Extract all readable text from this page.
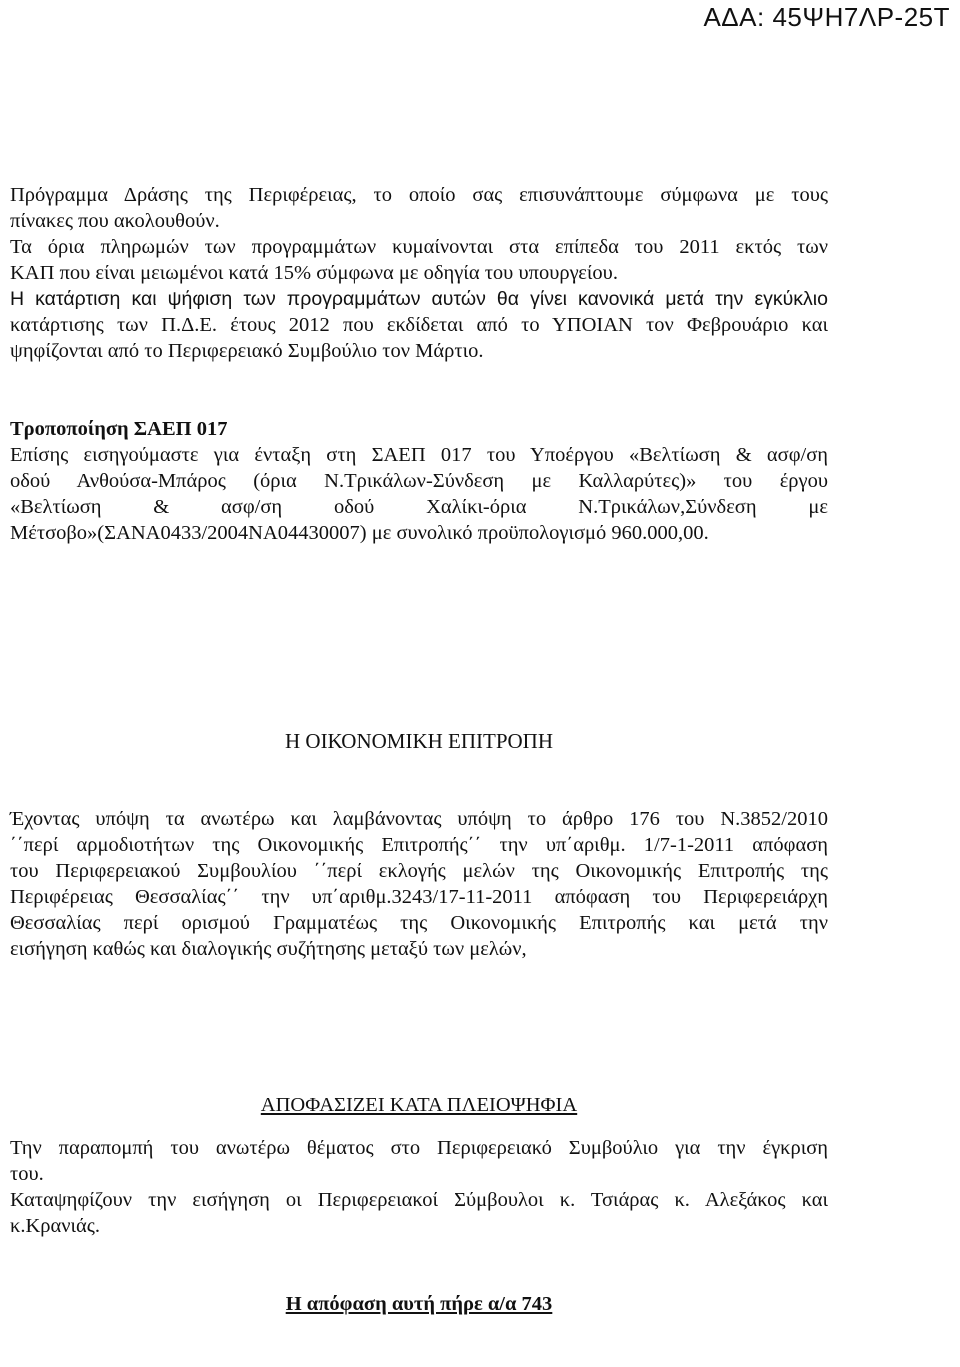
ΑΔΑ: 45ΨΗ7ΛΡ-25Τ
Πρόγραμμα Δράσης της Περιφέρειας, το οποίο σας επισυνάπτουμε σύμφωνα με τους
πίνακες που ακολουθούν.
Τα όρια πληρωμών των προγραμμάτων κυμαίνονται στα επίπεδα του 2011 εκτός των
ΚΑΠ που είναι μειωμένοι κατά 15% σύμφωνα με οδηγία του υπουργείου.
Η κατάρτιση και ψήφιση των προγραμμάτων αυτών θα γίνει κανονικά μετά την εγκύκλιο
κατάρτισης των Π.Δ.Ε. έτους 2012 που εκδίδεται από το ΥΠΟΙΑΝ τον Φεβρουάριο και
ψηφίζονται από το Περιφερειακό Συμβούλιο τον Μάρτιο.
Τροποποίηση ΣΑΕΠ 017
Επίσης εισηγούμαστε για ένταξη στη ΣΑΕΠ 017 του Υποέργου «Βελτίωση & ασφ/ση
οδού Ανθούσα-Μπάρος (όρια Ν.Τρικάλων-Σύνδεση με Καλλαρύτες)» του έργου
«Βελτίωση & ασφ/ση οδού Χαλίκι-όρια Ν.Τρικάλων,Σύνδεση με
Μέτσοβο»(ΣΑΝΑ0433/2004ΝΑ04430007) με συνολικό προϋπολογισμό 960.000,00.
Η ΟΙΚΟΝΟΜΙΚΗ ΕΠΙΤΡΟΠΗ
Έχοντας υπόψη τα ανωτέρω και λαμβάνοντας υπόψη το άρθρο 176 του Ν.3852/2010
΄΄περί αρμοδιοτήτων της Οικονομικής Επιτροπής΄΄ την υπ΄αριθμ. 1/7-1-2011 απόφαση
του Περιφερειακού Συμβουλίου ΄΄περί εκλογής μελών της Οικονομικής Επιτροπής της
Περιφέρειας Θεσσαλίας΄΄ την υπ΄αριθμ.3243/17-11-2011 απόφαση του Περιφερειάρχη
Θεσσαλίας περί ορισμού Γραμματέως της Οικονομικής Επιτροπής και μετά την
εισήγηση καθώς και διαλογικής συζήτησης μεταξύ των μελών,
ΑΠΟΦΑΣΙΖΕΙ ΚΑΤΑ ΠΛΕΙΟΨΗΦΙΑ
Την παραπομπή του ανωτέρω θέματος στο Περιφερειακό Συμβούλιο για την έγκριση
του.
Καταψηφίζουν την εισήγηση οι Περιφερειακοί Σύμβουλοι κ. Τσιάρας κ. Αλεξάκος και
κ.Κρανιάς.
Η απόφαση αυτή πήρε α/α 743
